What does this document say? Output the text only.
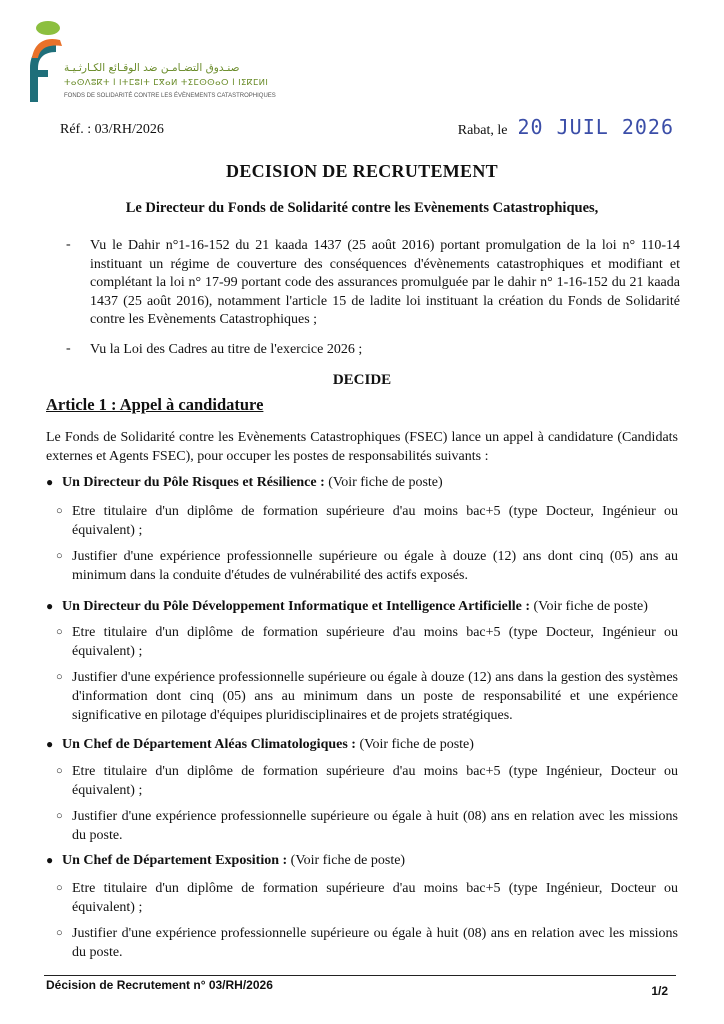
صنـدوق التضـامـن ضد الوقـائع الكـارثـيـة
ⵜⴰⵙⴷⵓⴽⵜ Ⅰ ⵏⵜⵎⵓⵏⵜ ⵎⴳⴰⵍ ⵜⵉⵎⵙⵙⴰⵔ Ⅰ ⵏⵉⴽⵎⵍⵏ
FONDS DE SOLIDARITÉ CONTRE LES ÉVÈNEMENTS CATASTROPHIQUES
Réf. : 03/RH/2026	Rabat, le 20 JUIL 2026
DECISION DE RECRUTEMENT
Le Directeur du Fonds de Solidarité contre les Evènements Catastrophiques,
- Vu le Dahir n°1-16-152 du 21 kaada 1437 (25 août 2016) portant promulgation de la loi n° 110-14 instituant un régime de couverture des conséquences d'évènements catastrophiques et modifiant et complétant la loi n° 17-99 portant code des assurances promulguée par le dahir n° 1-16-152 du 21 kaada 1437 (25 août 2016), notamment l'article 15 de ladite loi instituant la création du Fonds de Solidarité contre les Evènements Catastrophiques ;
- Vu la Loi des Cadres au titre de l'exercice 2026 ;
DECIDE
Article 1 : Appel à candidature
Le Fonds de Solidarité contre les Evènements Catastrophiques (FSEC) lance un appel à candidature (Candidats externes et Agents FSEC), pour occuper les postes de responsabilités suivants :
● Un Directeur du Pôle Risques et Résilience : (Voir fiche de poste)
○ Etre titulaire d'un diplôme de formation supérieure d'au moins bac+5 (type Docteur, Ingénieur ou équivalent) ;
○ Justifier d'une expérience professionnelle supérieure ou égale à douze (12) ans dont cinq (05) ans au minimum dans la conduite d'études de vulnérabilité des actifs exposés.
● Un Directeur du Pôle Développement Informatique et Intelligence Artificielle : (Voir fiche de poste)
○ Etre titulaire d'un diplôme de formation supérieure d'au moins bac+5 (type Docteur, Ingénieur ou équivalent) ;
○ Justifier d'une expérience professionnelle supérieure ou égale à douze (12) ans dans la gestion des systèmes d'information dont cinq (05) ans au minimum dans un poste de responsabilité et une expérience significative en pilotage d'équipes pluridisciplinaires et de projets stratégiques.
● Un Chef de Département Aléas Climatologiques : (Voir fiche de poste)
○ Etre titulaire d'un diplôme de formation supérieure d'au moins bac+5 (type Ingénieur, Docteur ou équivalent) ;
○ Justifier d'une expérience professionnelle supérieure ou égale à huit (08) ans en relation avec les missions du poste.
● Un Chef de Département Exposition : (Voir fiche de poste)
○ Etre titulaire d'un diplôme de formation supérieure d'au moins bac+5 (type Ingénieur, Docteur ou équivalent) ;
○ Justifier d'une expérience professionnelle supérieure ou égale à huit (08) ans en relation avec les missions du poste.
Décision de Recrutement n° 03/RH/2026	1/2
